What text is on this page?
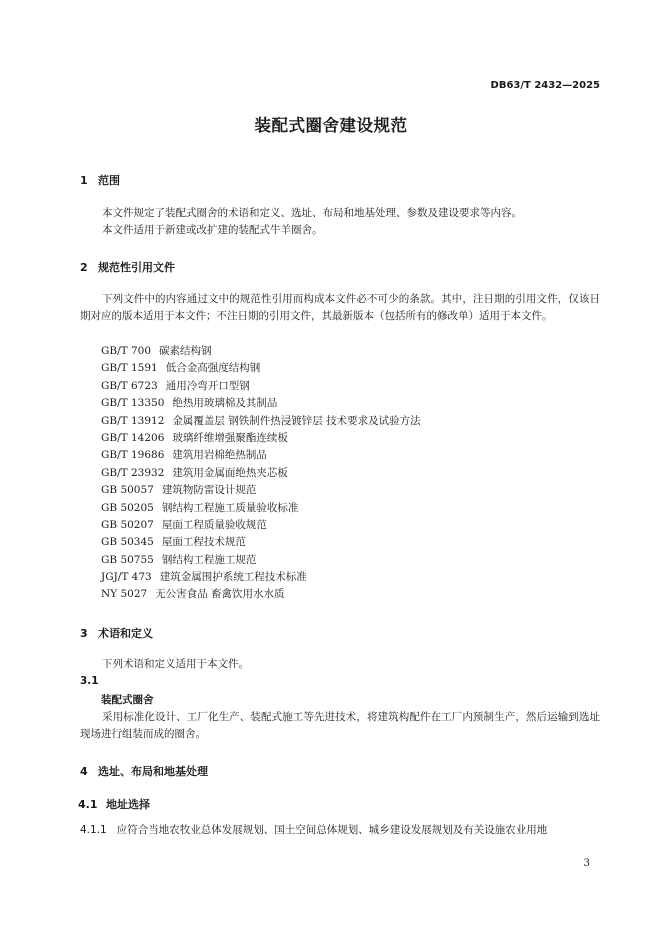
DB63/T 2432—2025
装配式圈舍建设规范
1 范围
本文件规定了装配式圈舍的术语和定义、选址、布局和地基处理、参数及建设要求等内容。
本文件适用于新建或改扩建的装配式牛羊圈舍。
2 规范性引用文件
下列文件中的内容通过文中的规范性引用而构成本文件必不可少的条款。其中，注日期的引用文件，仅该日期对应的版本适用于本文件；不注日期的引用文件，其最新版本（包括所有的修改单）适用于本文件。
GB/T 700 碳素结构钢
GB/T 1591 低合金高强度结构钢
GB/T 6723 通用冷弯开口型钢
GB/T 13350 绝热用玻璃棉及其制品
GB/T 13912 金属覆盖层 钢铁制件热浸镀锌层 技术要求及试验方法
GB/T 14206 玻璃纤维增强聚酯连续板
GB/T 19686 建筑用岩棉绝热制品
GB/T 23932 建筑用金属面绝热夹芯板
GB 50057 建筑物防雷设计规范
GB 50205 钢结构工程施工质量验收标准
GB 50207 屋面工程质量验收规范
GB 50345 屋面工程技术规范
GB 50755 钢结构工程施工规范
JGJ/T 473 建筑金属围护系统工程技术标准
NY 5027 无公害食品 畜禽饮用水水质
3 术语和定义
下列术语和定义适用于本文件。
3.1
装配式圈舍
采用标准化设计、工厂化生产、装配式施工等先进技术，将建筑构配件在工厂内预制生产，然后运输到选址现场进行组装而成的圈舍。
4 选址、布局和地基处理
4.1 地址选择
4.1.1 应符合当地农牧业总体发展规划、国土空间总体规划、城乡建设发展规划及有关设施农业用地
3
